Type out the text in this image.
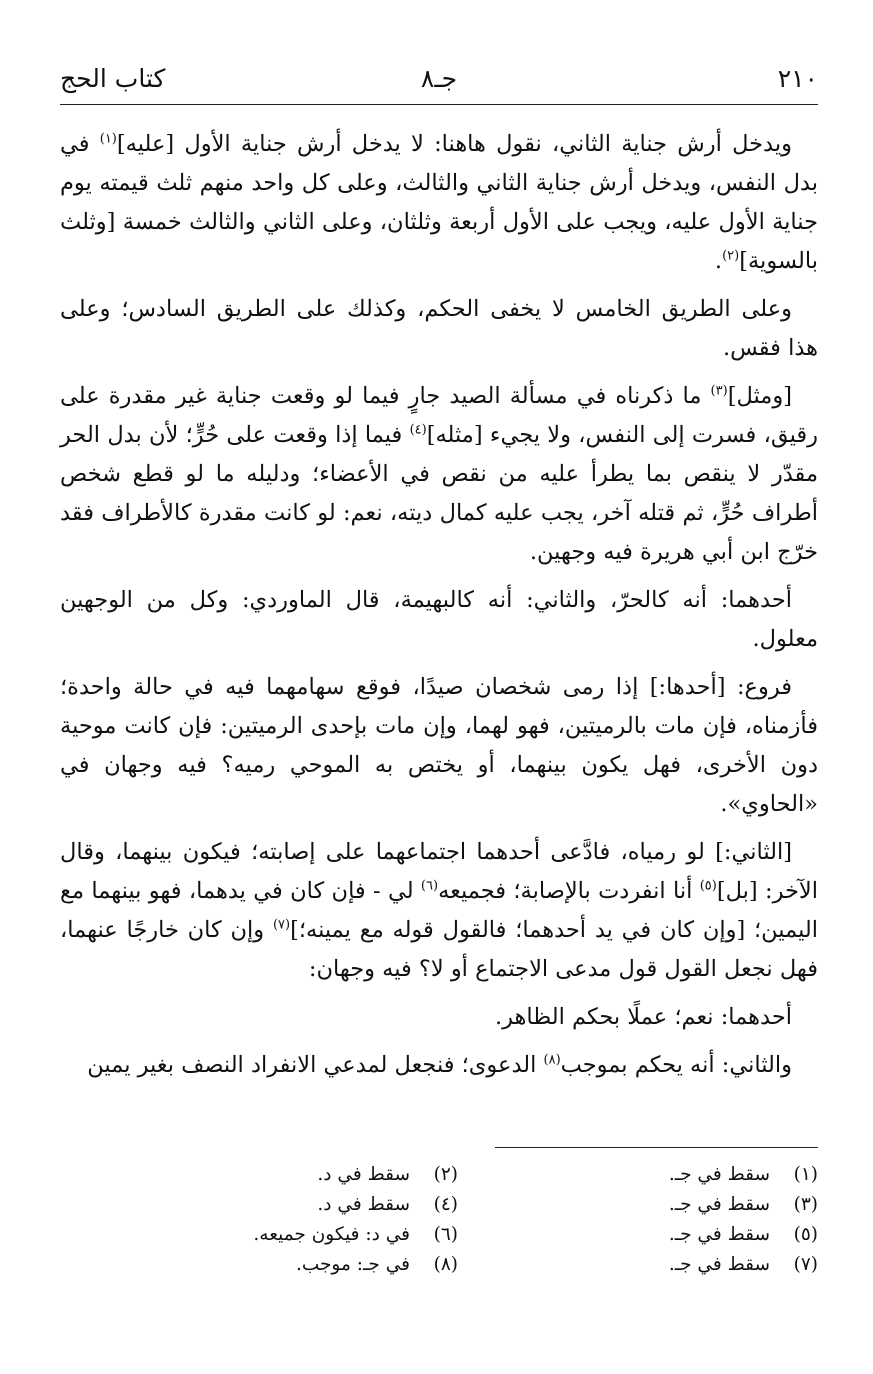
٢١٠
جـ٨
كتاب الحج

ويدخل أرش جناية الثاني، نقول هاهنا: لا يدخل أرش جناية الأول [عليه]$^{(١)}$ في بدل النفس، ويدخل أرش جناية الثاني والثالث، وعلى كل واحد منهم ثلث قيمته يوم جناية الأول عليه، ويجب على الأول أربعة وثلثان، وعلى الثاني والثالث خمسة [وثلث بالسوية]$^{(٢)}$.

وعلى الطريق الخامس لا يخفى الحكم، وكذلك على الطريق السادس؛ وعلى هذا فقس.

[ومثل]$^{(٣)}$ ما ذكرناه في مسألة الصيد جارٍ فيما لو وقعت جناية غير مقدرة على رقيق، فسرت إلى النفس، ولا يجيء [مثله]$^{(٤)}$ فيما إذا وقعت على حُرٍّ؛ لأن بدل الحر مقدّر لا ينقص بما يطرأ عليه من نقص في الأعضاء؛ ودليله ما لو قطع شخص أطراف حُرٍّ، ثم قتله آخر، يجب عليه كمال ديته، نعم: لو كانت مقدرة كالأطراف فقد خرّج ابن أبي هريرة فيه وجهين.

أحدهما: أنه كالحرّ، والثاني: أنه كالبهيمة، قال الماوردي: وكل من الوجهين معلول.

فروع: [أحدها:] إذا رمى شخصان صيدًا، فوقع سهامهما فيه في حالة واحدة؛ فأزمناه، فإن مات بالرميتين، فهو لهما، وإن مات بإحدى الرميتين: فإن كانت موحية دون الأخرى، فهل يكون بينهما، أو يختص به الموحي رميه؟ فيه وجهان في «الحاوي».

[الثاني:] لو رمياه، فادَّعى أحدهما اجتماعهما على إصابته؛ فيكون بينهما، وقال الآخر: [بل]$^{(٥)}$ أنا انفردت بالإصابة؛ فجميعه$^{(٦)}$ لي - فإن كان في يدهما، فهو بينهما مع اليمين؛ [وإن كان في يد أحدهما؛ فالقول قوله مع يمينه؛]$^{(٧)}$ وإن كان خارجًا عنهما، فهل نجعل القول قول مدعى الاجتماع أو لا؟ فيه وجهان:

أحدهما: نعم؛ عملًا بحكم الظاهر.

والثاني: أنه يحكم بموجب$^{(٨)}$ الدعوى؛ فنجعل لمدعي الانفراد النصف بغير يمين

(١)سقط في جـ.
(٣)سقط في جـ.
(٥)سقط في جـ.
(٧)سقط في جـ.
(٢)سقط في د.
(٤)سقط في د.
(٦)في د: فيكون جميعه.
(٨)في جـ: موجب.
